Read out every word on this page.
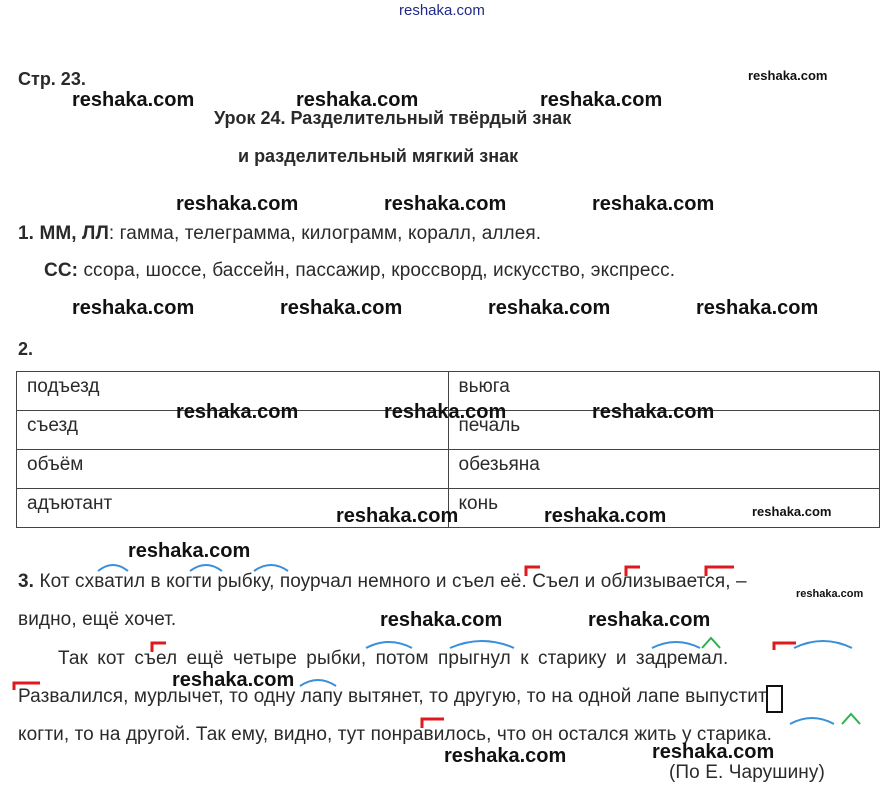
reshaka.com
Стр. 23.	reshaka.com
Урок 24. Разделительный твёрдый знак
и разделительный мягкий знак
reshaka.com	reshaka.com	reshaka.com
reshaka.com	reshaka.com	reshaka.com
1. ММ, ЛЛ: гамма, телеграмма, килограмм, коралл, аллея.
СС: ссора, шоссе, бассейн, пассажир, кроссворд, искусство, экспресс.
reshaka.com	reshaka.com	reshaka.com	reshaka.com
2.
подъезд	вьюга
съезд	печаль
объём	обезьяна
адъютант	конь
reshaka.com	reshaka.com	reshaka.com
reshaka.com	reshaka.com	reshaka.com
reshaka.com
3. Кот схватил в когти рыбку, поурчал немного и съел её. Съел и облизывается, –
reshaka.com
видно, ещё хочет.	reshaka.com	reshaka.com
Так кот съел ещё четыре рыбки, потом прыгнул к старику и задремал.
Развалился, мурлычет, то одну лапу вытянет, то другую, то на одной лапе выпустит
reshaka.com
когти, то на другой. Так ему, видно, тут понравилось, что он остался жить у старика.
reshaka.com
reshaka.com
(По Е. Чарушину)
